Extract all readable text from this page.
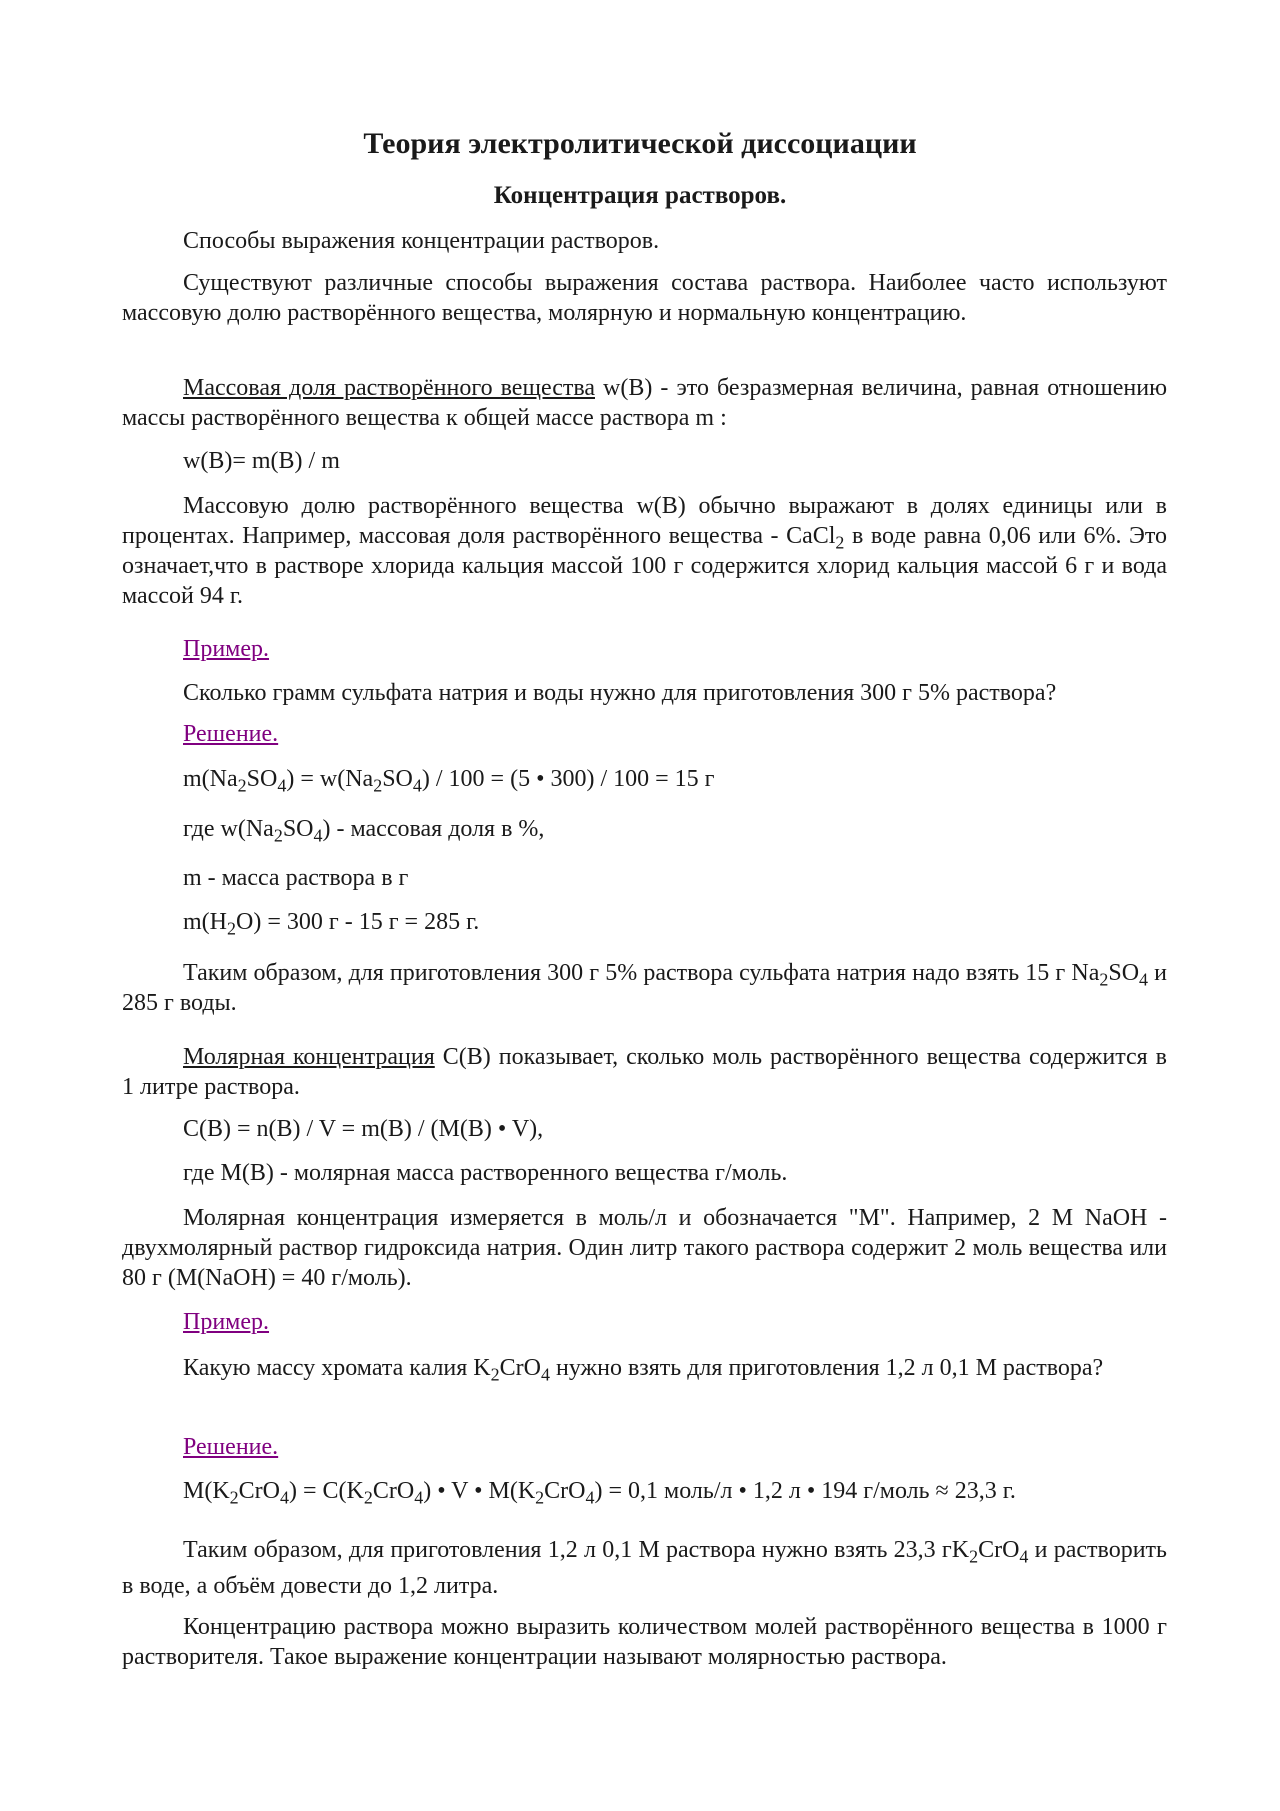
Теория электролитической диссоциации
Концентрация растворов.

Способы выражения концентрации растворов.

Существуют различные способы выражения состава раствора. Наиболее часто используют массовую долю растворённого вещества, молярную и нормальную концентрацию.

Массовая доля растворённого вещества w(B) - это безразмерная величина, равная отношению массы растворённого вещества к общей массе раствора m :

w(B)= m(B) / m

Массовую долю растворённого вещества w(B) обычно выражают в долях единицы или в процентах. Например, массовая доля растворённого вещества - CaCl$_2$ в воде равна 0,06 или 6%. Это означает,что в растворе хлорида кальция массой 100 г содержится хлорид кальция массой 6 г и вода массой 94 г.

Пример.

Сколько грамм сульфата натрия и воды нужно для приготовления 300 г 5% раствора?

Решение.

$m(Na_2SO_4) = w(Na_2SO_4) / 100 = (5$ • 300) / 100 = 15 г

где $w(Na_2SO_4)$ - массовая доля в %,

m - масса раствора в г

$m(H_2O) = 300$ г - 15 г = 285 г.

Таким образом, для приготовления 300 г 5% раствора сульфата натрия надо взять 15 г $Na_2SO_4$ и 285 г воды.

Молярная концентрация C(B) показывает, сколько моль растворённого вещества содержится в 1 литре раствора.

C(B) = n(B) / V = m(B) / (M(B) • V),

где M(B) - молярная масса растворенного вещества г/моль.

Молярная концентрация измеряется в моль/л и обозначается "M". Например, 2 M NaOH - двухмолярный раствор гидроксида натрия. Один литр такого раствора содержит 2 моль вещества или 80 г (M(NaOH) = 40 г/моль).

Пример.

Какую массу хромата калия $K_2CrO_4$ нужно взять для приготовления 1,2 л 0,1 M раствора?

Решение.

$M(K_2CrO_4) = C(K_2CrO_4)$ • V • $M(K_2CrO_4) = 0,1$ моль/л • 1,2 л • 194 г/моль ≈ 23,3 г.

Таким образом, для приготовления 1,2 л 0,1 M раствора нужно взять 23,3 $гK_2CrO_4$ и растворить в воде, а объём довести до 1,2 литра.

Концентрацию раствора можно выразить количеством молей растворённого вещества в 1000 г растворителя. Такое выражение концентрации называют молярностью раствора.
